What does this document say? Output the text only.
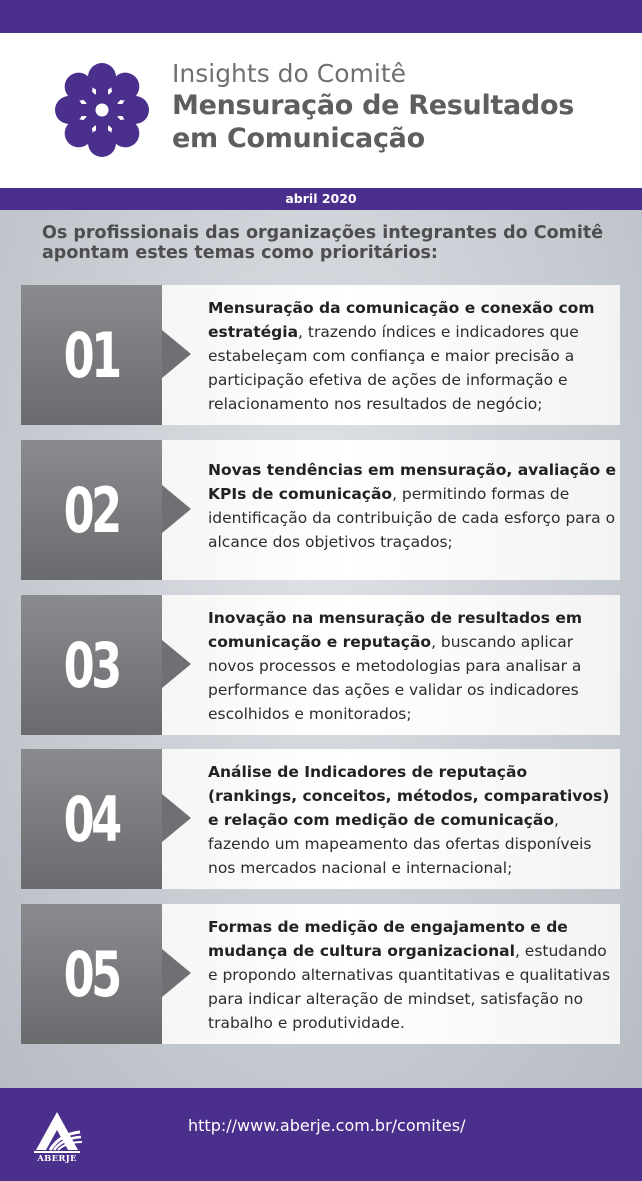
Insights do Comitê
Mensuração de Resultados
em Comunicação
abril 2020
Os profissionais das organizações integrantes do Comitê
apontam estes temas como prioritários:
01
Mensuração da comunicação e conexão com estratégia, trazendo índices e indicadores que estabeleçam com confiança e maior precisão a participação efetiva de ações de informação e relacionamento nos resultados de negócio;
02
Novas tendências em mensuração, avaliação e KPIs de comunicação, permitindo formas de identificação da contribuição de cada esforço para o alcance dos objetivos traçados;
03
Inovação na mensuração de resultados em comunicação e reputação, buscando aplicar novos processos e metodologias para analisar a performance das ações e validar os indicadores escolhidos e monitorados;
04
Análise de Indicadores de reputação (rankings, conceitos, métodos, comparativos) e relação com medição de comunicação, fazendo um mapeamento das ofertas disponíveis nos mercados nacional e internacional;
05
Formas de medição de engajamento e de mudança de cultura organizacional, estudando e propondo alternativas quantitativas e qualitativas para indicar alteração de mindset, satisfação no trabalho e produtividade.
ABERJE
http://www.aberje.com.br/comites/
